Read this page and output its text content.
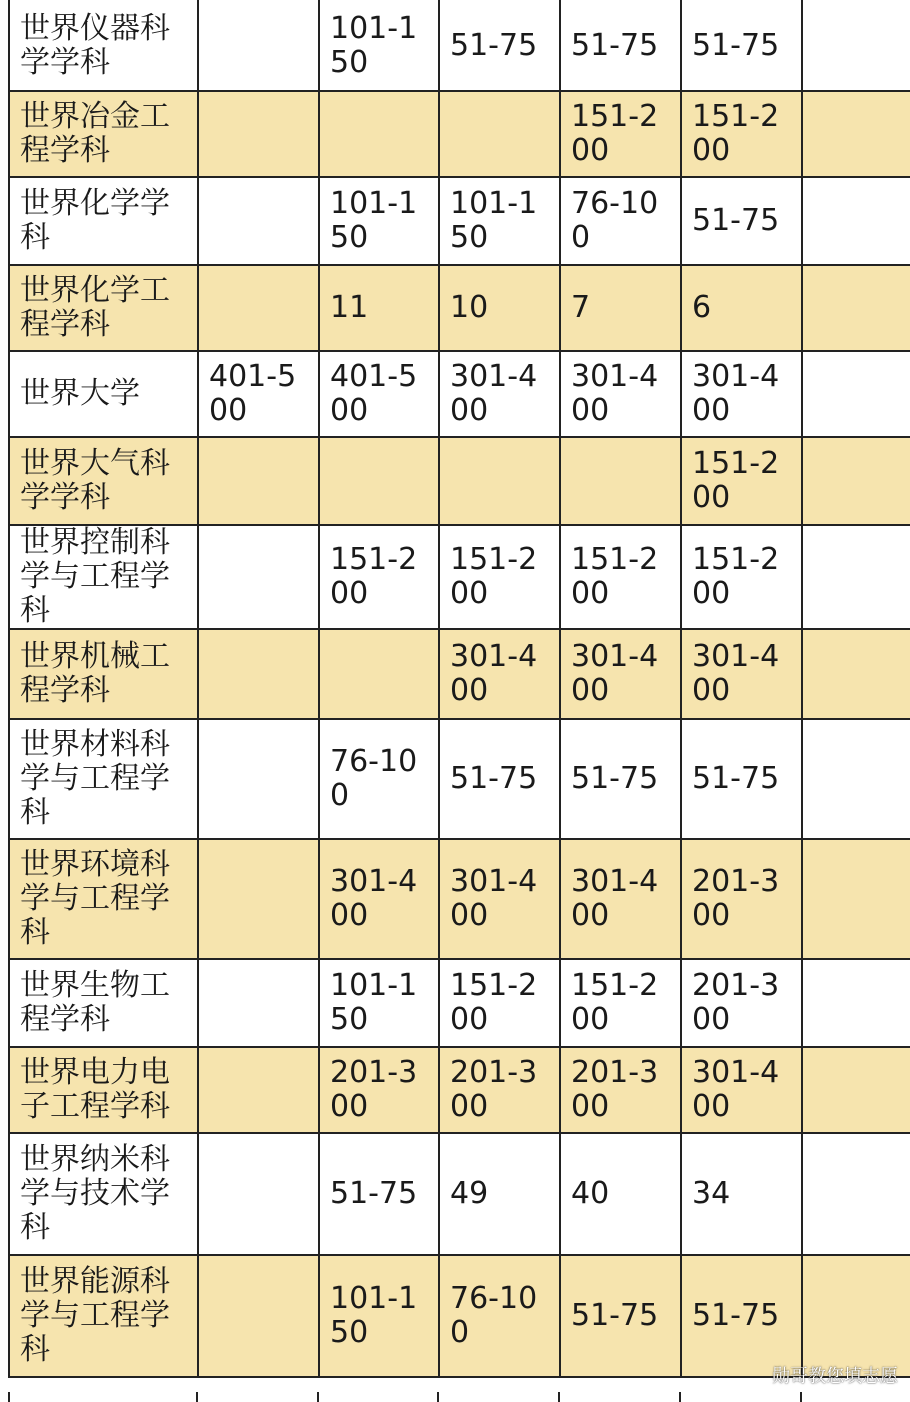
世界仪器科学学科		101-150	51-75	51-75	51-75	
世界冶金工程学科				151-200	151-200	
世界化学学科		101-150	101-150	76-100	51-75	
世界化学工程学科		11	10	7	6	
世界大学	401-500	401-500	301-400	301-400	301-400	
世界大气科学学科					151-200	
世界控制科学与工程学科		151-200	151-200	151-200	151-200	
世界机械工程学科			301-400	301-400	301-400	
世界材料科学与工程学科		76-100	51-75	51-75	51-75	
世界环境科学与工程学科		301-400	301-400	301-400	201-300	
世界生物工程学科		101-150	151-200	151-200	201-300	
世界电力电子工程学科		201-300	201-300	201-300	301-400	
世界纳米科学与技术学科		51-75	49	40	34	
世界能源科学与工程学科		101-150	76-100	51-75	51-75	
勋哥教您填志愿
